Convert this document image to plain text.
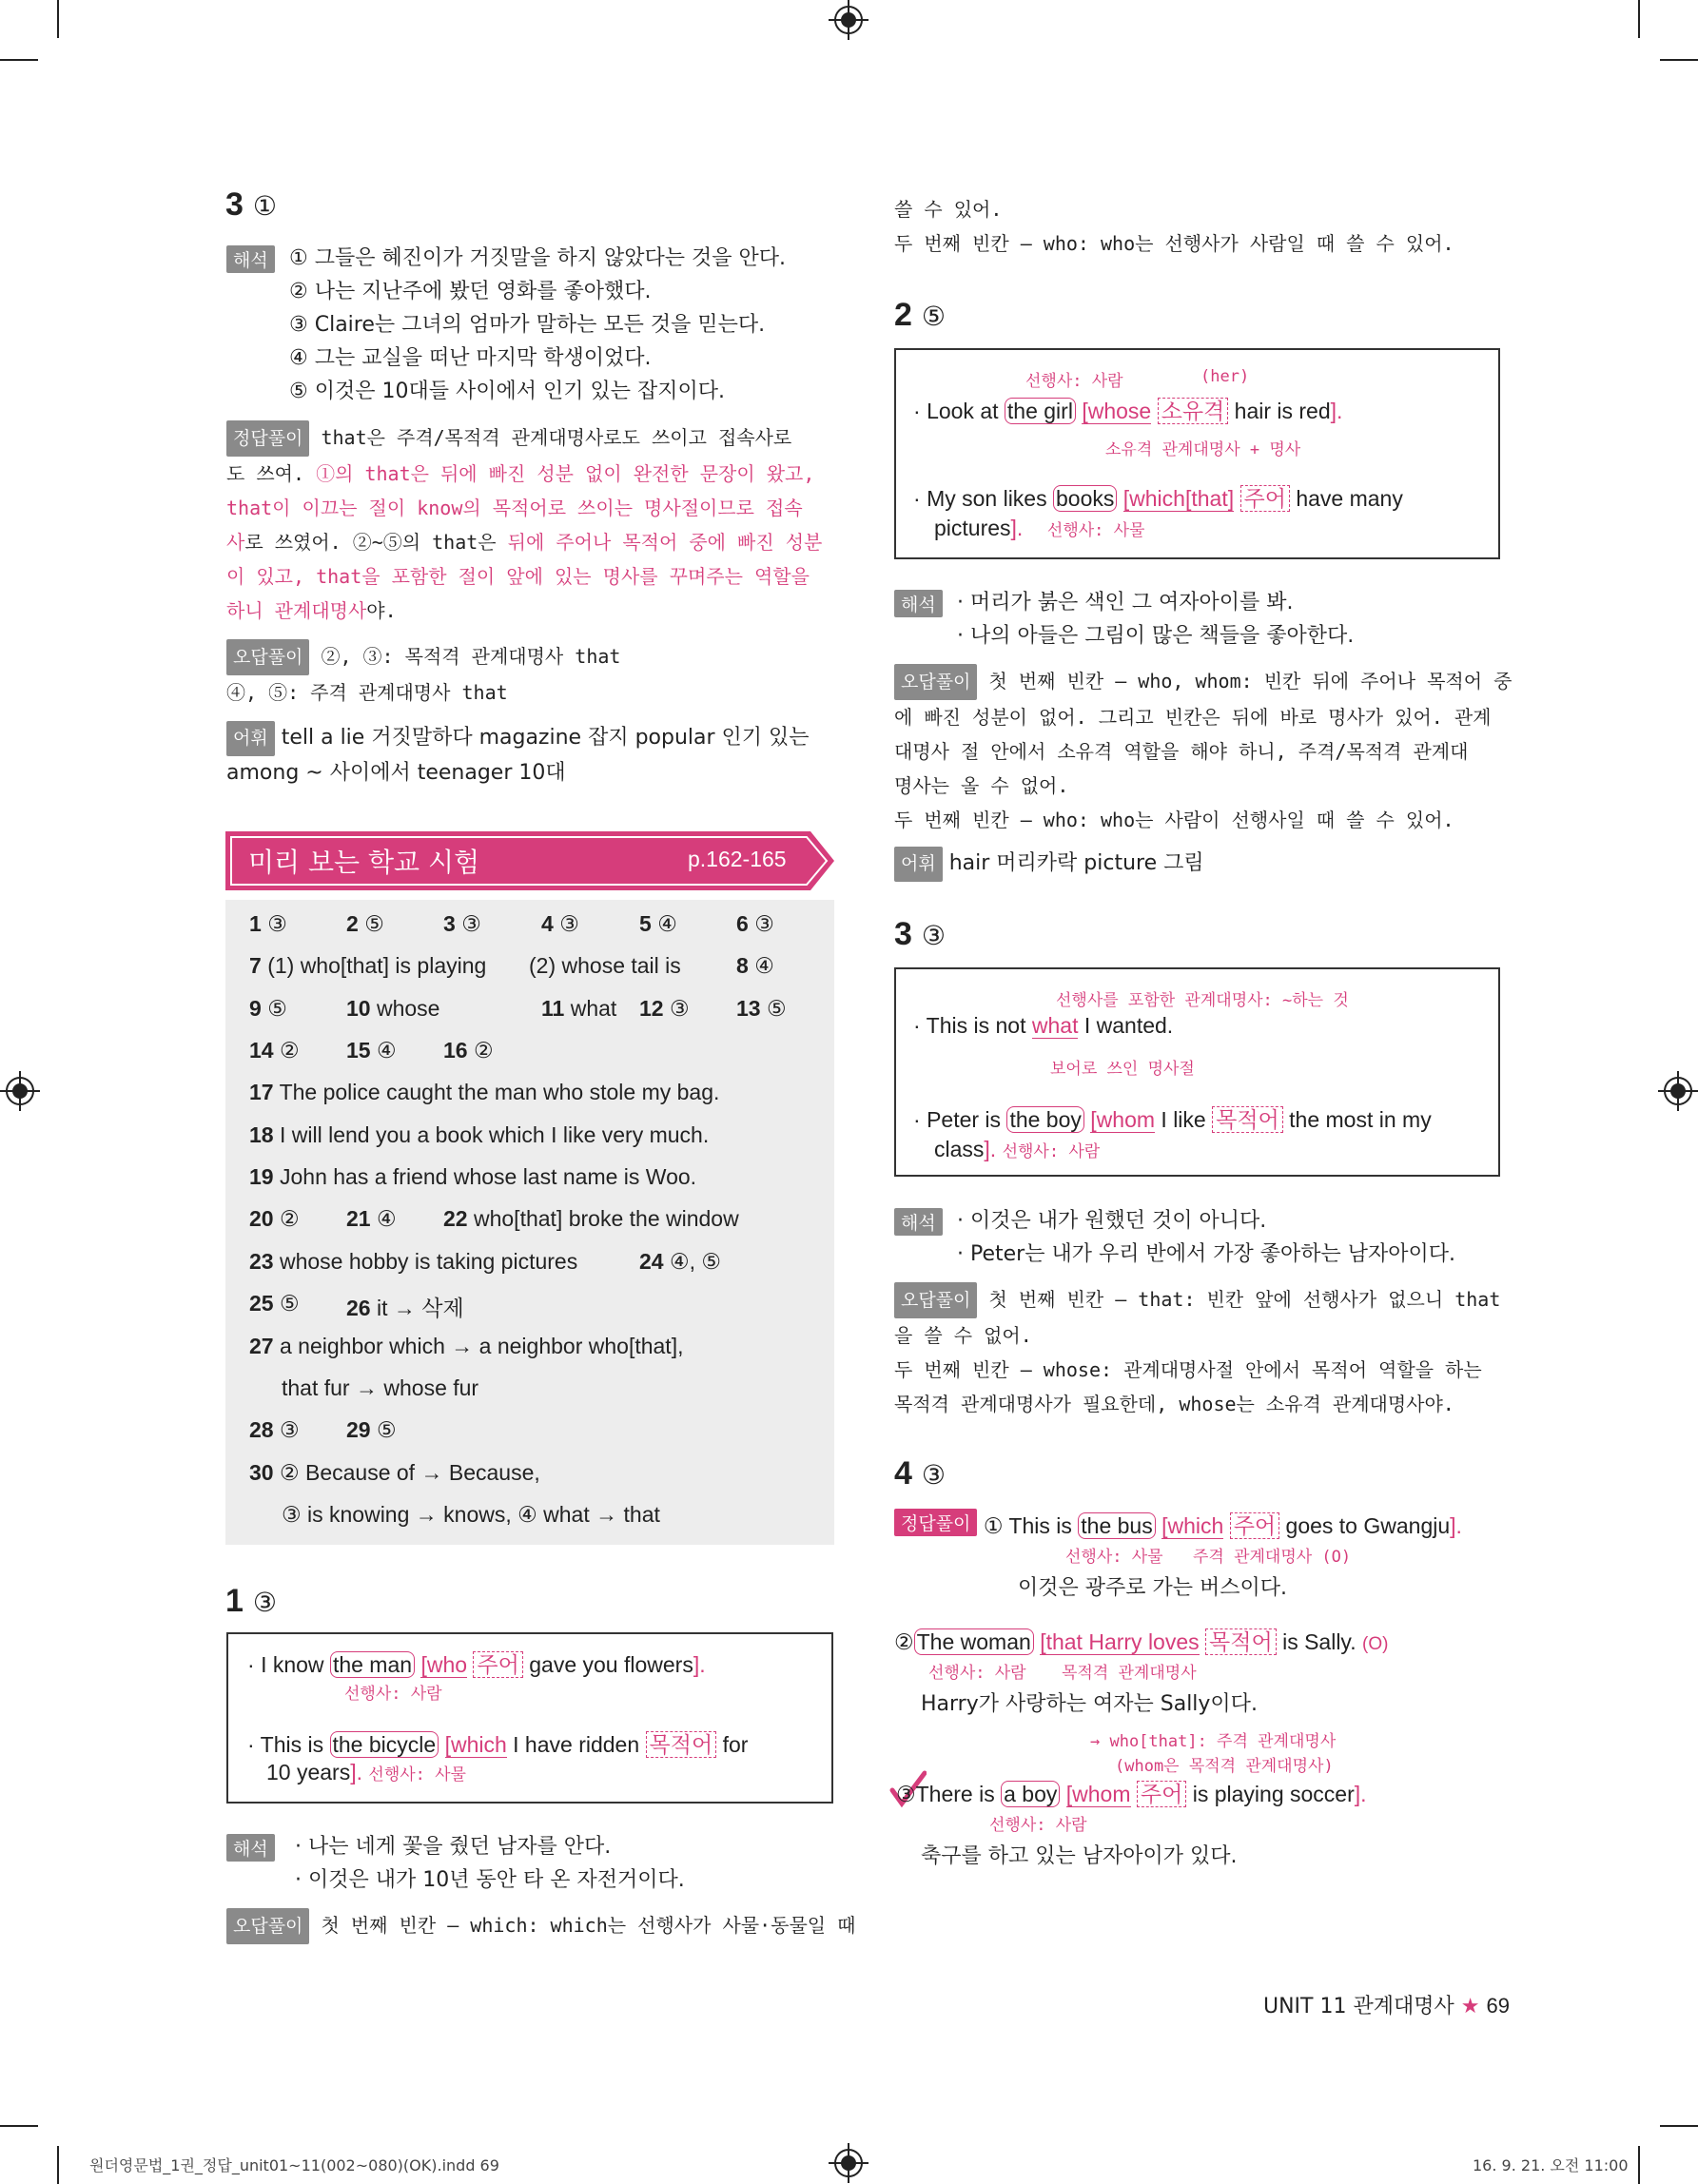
3 ①
해석	① 그들은 혜진이가 거짓말을 하지 않았다는 것을 안다.
② 나는 지난주에 봤던 영화를 좋아했다.
③ Claire는 그녀의 엄마가 말하는 모든 것을 믿는다.
④ 그는 교실을 떠난 마지막 학생이었다.
⑤ 이것은 10대들 사이에서 인기 있는 잡지이다.
정답풀이 that은 주격/목적격 관계대명사로도 쓰이고 접속사로
도 쓰여. ①의 that은 뒤에 빠진 성분 없이 완전한 문장이 왔고,
that이 이끄는 절이 know의 목적어로 쓰이는 명사절이므로 접속
사로 쓰였어. ②~⑤의 that은 뒤에 주어나 목적어 중에 빠진 성분
이 있고, that을 포함한 절이 앞에 있는 명사를 꾸며주는 역할을
하니 관계대명사야.
오답풀이 ②, ③: 목적격 관계대명사 that
④, ⑤: 주격 관계대명사 that
어휘 tell a lie 거짓말하다 magazine 잡지 popular 인기 있는
among ~ 사이에서 teenager 10대
미리 보는 학교 시험	p.162-165
1 ③	2 ⑤	3 ③	4 ③	5 ④	6 ③
7 (1) who[that] is playing (2) whose tail is	8 ④
9 ⑤	10 whose	11 what 12 ③ 13 ⑤
14 ② 15 ④ 16 ②
17 The police caught the man who stole my bag.
18 I will lend you a book which I like very much.
19 John has a friend whose last name is Woo.
20 ② 21 ④ 22 who[that] broke the window
23 whose hobby is taking pictures	24 ④, ⑤
25 ⑤ 26 it → 삭제
27 a neighbor which → a neighbor who[that],
that fur → whose fur
28 ③ 29 ⑤
30 ② Because of → Because,
③ is knowing → knows, ④ what → that
1 ③
· I know the man [who 주어 gave you flowers].
선행사: 사람
· This is the bicycle [which I have ridden 목적어 for
10 years]. 선행사: 사물
해석	· 나는 네게 꽃을 줬던 남자를 안다.
· 이것은 내가 10년 동안 타 온 자전거이다.
오답풀이 첫 번째 빈칸 – which: which는 선행사가 사물·동물일 때
쓸 수 있어.
두 번째 빈칸 – who: who는 선행사가 사람일 때 쓸 수 있어.
2 ⑤
선행사: 사람	(her)
· Look at the girl [whose 소유격 hair is red].
소유격 관계대명사 + 명사
· My son likes books [which[that] 주어 have many
pictures]. 선행사: 사물
해석	· 머리가 붉은 색인 그 여자아이를 봐.
· 나의 아들은 그림이 많은 책들을 좋아한다.
오답풀이 첫 번째 빈칸 – who, whom: 빈칸 뒤에 주어나 목적어 중
에 빠진 성분이 없어. 그리고 빈칸은 뒤에 바로 명사가 있어. 관계
대명사 절 안에서 소유격 역할을 해야 하니, 주격/목적격 관계대
명사는 올 수 없어.
두 번째 빈칸 – who: who는 사람이 선행사일 때 쓸 수 있어.
어휘 hair 머리카락 picture 그림
3 ③
선행사를 포함한 관계대명사: ~하는 것
· This is not what I wanted.
보어로 쓰인 명사절
· Peter is the boy [whom I like 목적어 the most in my
class]. 선행사: 사람
해석	· 이것은 내가 원했던 것이 아니다.
· Peter는 내가 우리 반에서 가장 좋아하는 남자아이다.
오답풀이 첫 번째 빈칸 – that: 빈칸 앞에 선행사가 없으니 that
을 쓸 수 없어.
두 번째 빈칸 – whose: 관계대명사절 안에서 목적어 역할을 하는
목적격 관계대명사가 필요한데, whose는 소유격 관계대명사야.
4 ③
정답풀이 ① This is the bus [which 주어 goes to Gwangju].
선행사: 사물 주격 관계대명사 (O)
이것은 광주로 가는 버스이다.
② The woman [that Harry loves 목적어 is Sally. (O)
선행사: 사람 목적격 관계대명사
Harry가 사랑하는 여자는 Sally이다.
→ who[that]: 주격 관계대명사
(whom은 목적격 관계대명사)
③There is a boy [whom 주어 is playing soccer].
선행사: 사람
축구를 하고 있는 남자아이가 있다.
UNIT 11 관계대명사 ★ 69
원더영문법_1권_정답_unit01~11(002~080)(OK).indd 69	16. 9. 21. 오전 11:00
